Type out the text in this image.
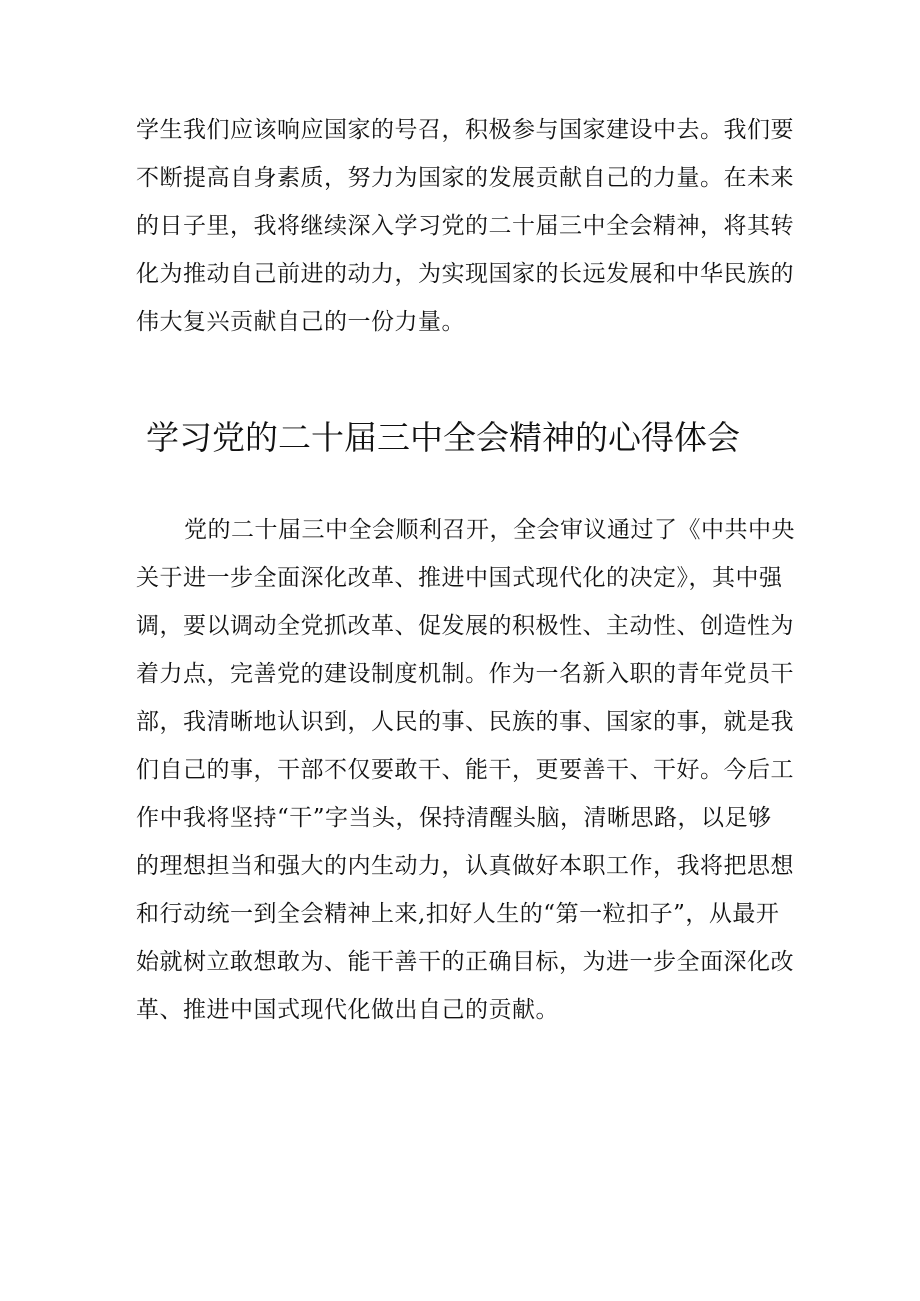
学生我们应该响应国家的号召，积极参与国家建设中去。我们要
不断提高自身素质，努力为国家的发展贡献自己的力量。在未来
的日子里，我将继续深入学习党的二十届三中全会精神，将其转
化为推动自己前进的动力，为实现国家的长远发展和中华民族的
伟大复兴贡献自己的一份力量。
学习党的二十届三中全会精神的心得体会
党的二十届三中全会顺利召开，全会审议通过了《中共中央
关于进一步全面深化改革、推进中国式现代化的决定》，其中强
调，要以调动全党抓改革、促发展的积极性、主动性、创造性为
着力点，完善党的建设制度机制。作为一名新入职的青年党员干
部，我清晰地认识到，人民的事、民族的事、国家的事，就是我
们自己的事，干部不仅要敢干、能干，更要善干、干好。今后工
作中我将坚持“干”字当头，保持清醒头脑，清晰思路，以足够
的理想担当和强大的内生动力，认真做好本职工作，我将把思想
和行动统一到全会精神上来,扣好人生的“第一粒扣子”，从最开
始就树立敢想敢为、能干善干的正确目标，为进一步全面深化改
革、推进中国式现代化做出自己的贡献。
